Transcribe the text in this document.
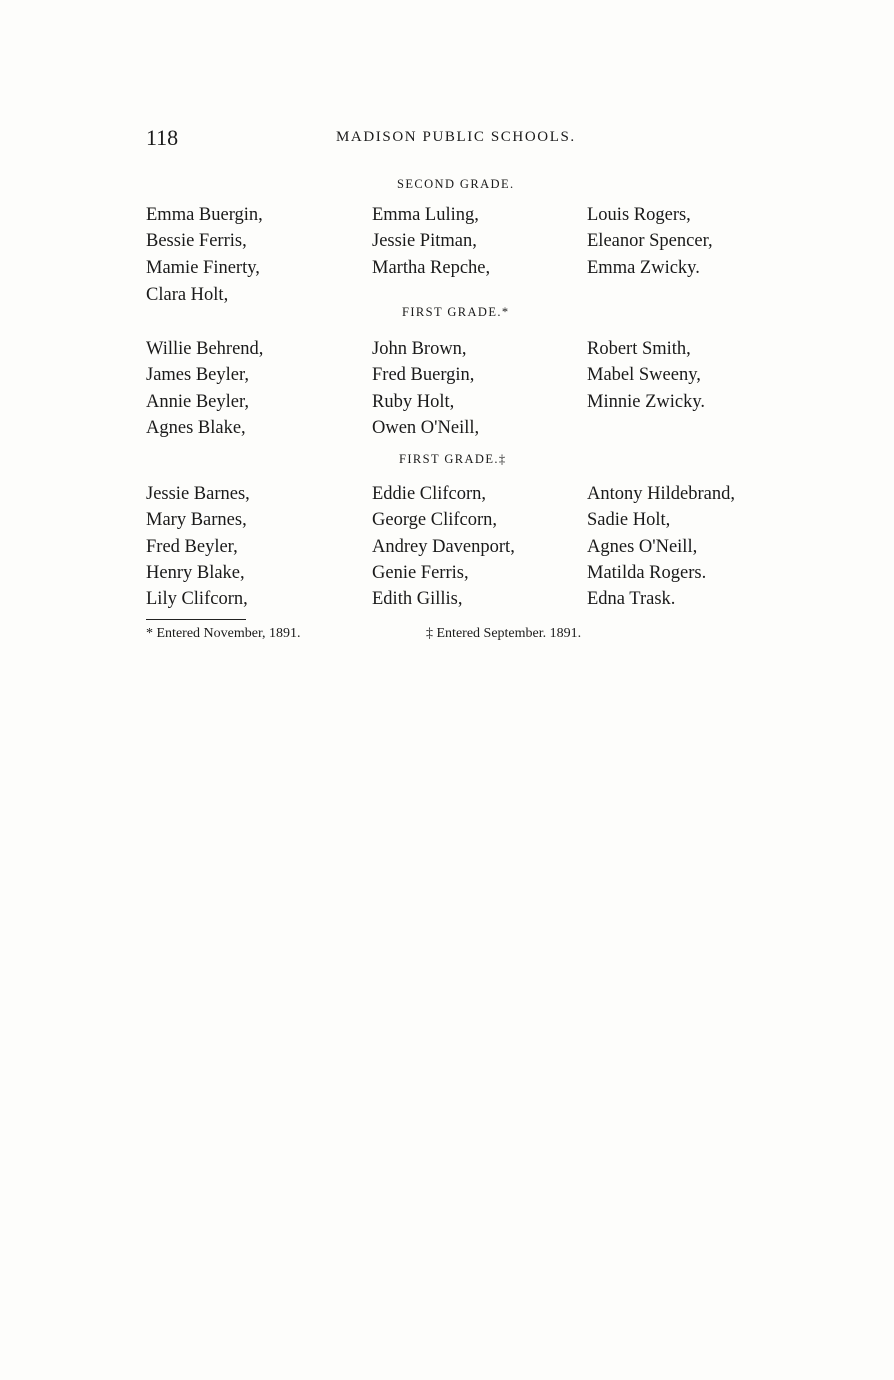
118	MADISON PUBLIC SCHOOLS.
SECOND GRADE.
Emma Buergin,
Bessie Ferris,
Mamie Finerty,
Clara Holt,
Emma Luling,
Jessie Pitman,
Martha Repche,
Louis Rogers,
Eleanor Spencer,
Emma Zwicky.
FIRST GRADE.*
Willie Behrend,
James Beyler,
Annie Beyler,
Agnes Blake,
John Brown,
Fred Buergin,
Ruby Holt,
Owen O'Neill,
Robert Smith,
Mabel Sweeny,
Minnie Zwicky.
FIRST GRADE.‡
Jessie Barnes,
Mary Barnes,
Fred Beyler,
Henry Blake,
Lily Clifcorn,
Eddie Clifcorn,
George Clifcorn,
Andrey Davenport,
Genie Ferris,
Edith Gillis,
Antony Hildebrand,
Sadie Holt,
Agnes O'Neill,
Matilda Rogers.
Edna Trask.
* Entered November, 1891.	‡ Entered September. 1891.
